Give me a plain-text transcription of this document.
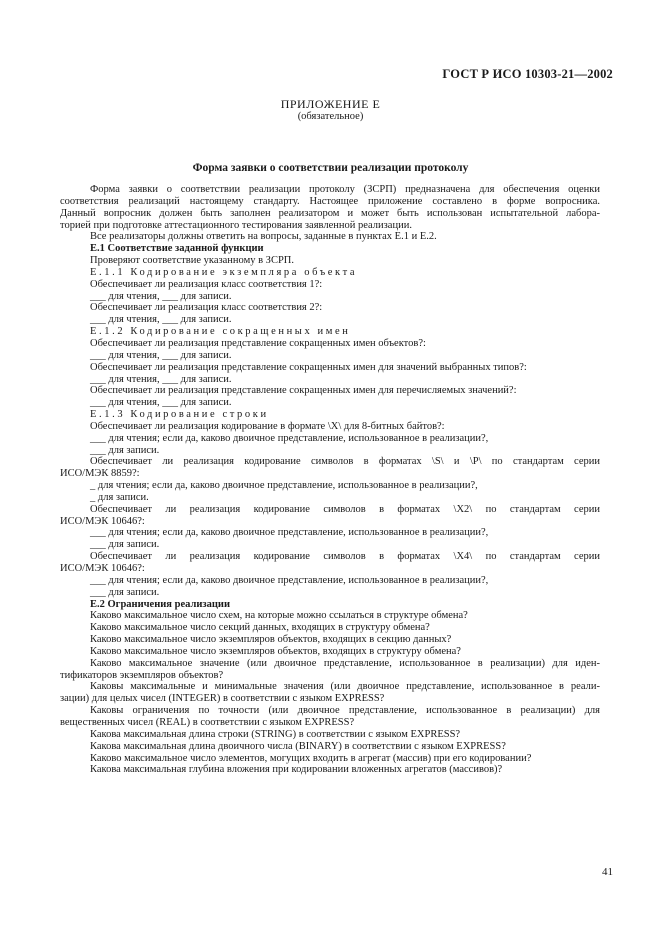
ГОСТ Р ИСО 10303-21—2002
ПРИЛОЖЕНИЕ Е
(обязательное)
Форма заявки о соответствии реализации протоколу
Форма заявки о соответствии реализации протоколу (ЗСРП) предназначена для обеспечения оценки
соответствия реализаций настоящему стандарту. Настоящее приложение составлено в форме вопросника.
Данный вопросник должен быть заполнен реализатором и может быть использован испытательной лабора-
торией при подготовке аттестационного тестирования заявленной реализации.
Все реализаторы должны ответить на вопросы, заданные в пунктах Е.1 и Е.2.
Е.1 Соответствие заданной функции
Проверяют соответствие указанному в ЗСРП.
Е.1.1 Кодирование экземпляра объекта
Обеспечивает ли реализация класс соответствия 1?:
___ для чтения, ___ для записи.
Обеспечивает ли реализация класс соответствия 2?:
___ для чтения, ___ для записи.
Е.1.2 Кодирование сокращенных имен
Обеспечивает ли реализация представление сокращенных имен объектов?:
___ для чтения, ___ для записи.
Обеспечивает ли реализация представление сокращенных имен для значений выбранных типов?:
___ для чтения, ___ для записи.
Обеспечивает ли реализация представление сокращенных имен для перечисляемых значений?:
___ для чтения, ___ для записи.
Е.1.3 Кодирование строки
Обеспечивает ли реализация кодирование в формате \X\ для 8-битных байтов?:
___ для чтения; если да, каково двоичное представление, использованное в реализации?,
___ для записи.
Обеспечивает ли реализация кодирование символов в форматах \S\ и \P\ по стандартам серии
ИСО/МЭК 8859?:
_ для чтения; если да, каково двоичное представление, использованное в реализации?,
_ для записи.
Обеспечивает ли реализация кодирование символов в форматах \X2\ по стандартам серии
ИСО/МЭК 10646?:
___ для чтения; если да, каково двоичное представление, использованное в реализации?,
___ для записи.
Обеспечивает ли реализация кодирование символов в форматах \X4\ по стандартам серии
ИСО/МЭК 10646?:
___ для чтения; если да, каково двоичное представление, использованное в реализации?,
___ для записи.
Е.2 Ограничения реализации
Каково максимальное число схем, на которые можно ссылаться в структуре обмена?
Каково максимальное число секций данных, входящих в структуру обмена?
Каково максимальное число экземпляров объектов, входящих в секцию данных?
Каково максимальное число экземпляров объектов, входящих в структуру обмена?
Каково максимальное значение (или двоичное представление, использованное в реализации) для иден-
тификаторов экземпляров объектов?
Каковы максимальные и минимальные значения (или двоичное представление, использованное в реали-
зации) для целых чисел (INTEGER) в соответствии с языком EXPRESS?
Каковы ограничения по точности (или двоичное представление, использованное в реализации) для
вещественных чисел (REAL) в соответствии с языком EXPRESS?
Какова максимальная длина строки (STRING) в соответствии с языком EXPRESS?
Какова максимальная длина двоичного числа (BINARY) в соответствии с языком EXPRESS?
Каково максимальное число элементов, могущих входить в агрегат (массив) при его кодировании?
Какова максимальная глубина вложения при кодировании вложенных агрегатов (массивов)?
41
